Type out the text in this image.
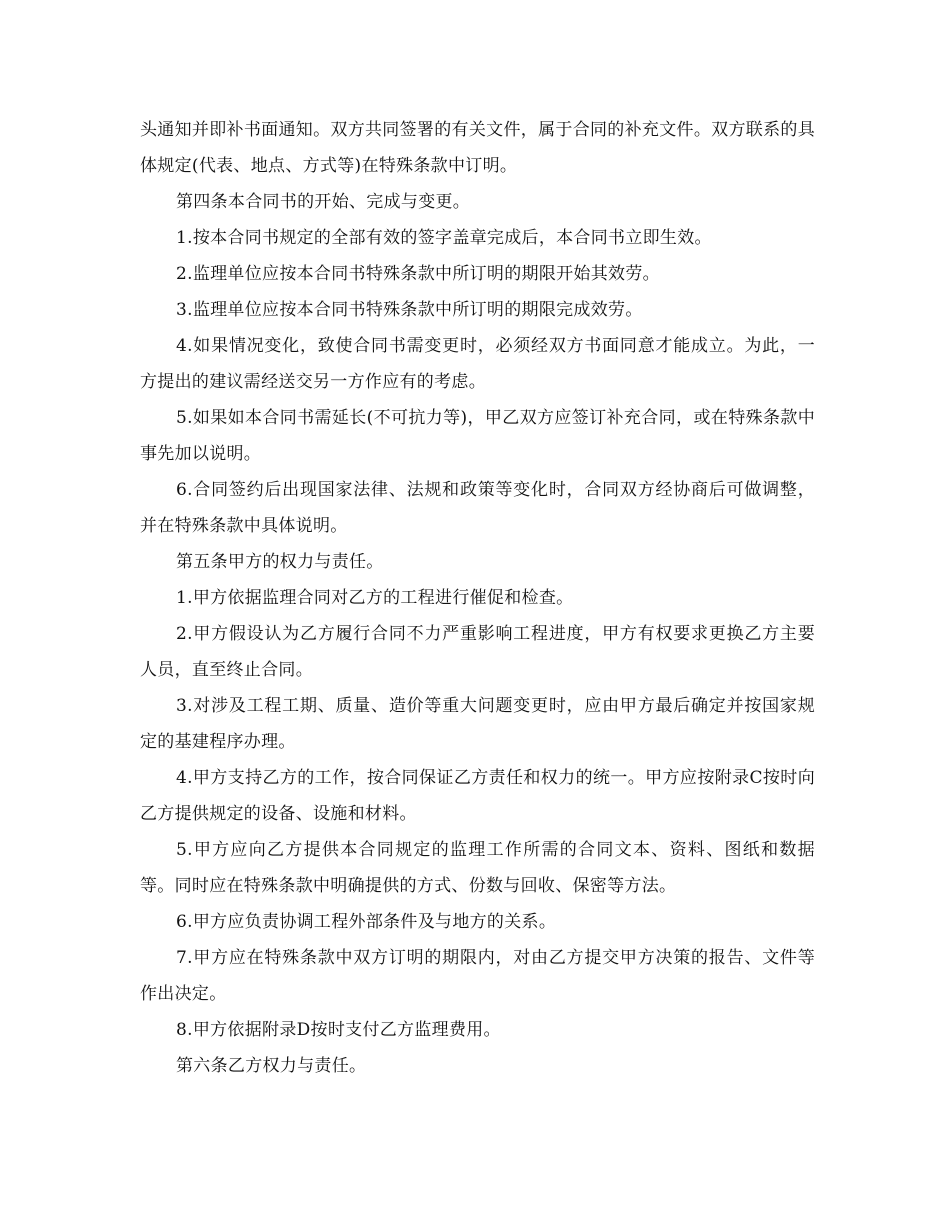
头通知并即补书面通知。双方共同签署的有关文件，属于合同的补充文件。双方联系的具体规定(代表、地点、方式等)在特殊条款中订明。

第四条本合同书的开始、完成与变更。

1.按本合同书规定的全部有效的签字盖章完成后，本合同书立即生效。

2.监理单位应按本合同书特殊条款中所订明的期限开始其效劳。

3.监理单位应按本合同书特殊条款中所订明的期限完成效劳。

4.如果情况变化，致使合同书需变更时，必须经双方书面同意才能成立。为此，一方提出的建议需经送交另一方作应有的考虑。

5.如果如本合同书需延长(不可抗力等)，甲乙双方应签订补充合同，或在特殊条款中事先加以说明。

6.合同签约后出现国家法律、法规和政策等变化时，合同双方经协商后可做调整，并在特殊条款中具体说明。

第五条甲方的权力与责任。

1.甲方依据监理合同对乙方的工程进行催促和检查。

2.甲方假设认为乙方履行合同不力严重影响工程进度，甲方有权要求更换乙方主要人员，直至终止合同。

3.对涉及工程工期、质量、造价等重大问题变更时，应由甲方最后确定并按国家规定的基建程序办理。

4.甲方支持乙方的工作，按合同保证乙方责任和权力的统一。甲方应按附录C按时向乙方提供规定的设备、设施和材料。

5.甲方应向乙方提供本合同规定的监理工作所需的合同文本、资料、图纸和数据等。同时应在特殊条款中明确提供的方式、份数与回收、保密等方法。

6.甲方应负责协调工程外部条件及与地方的关系。

7.甲方应在特殊条款中双方订明的期限内，对由乙方提交甲方决策的报告、文件等作出决定。

8.甲方依据附录D按时支付乙方监理费用。

第六条乙方权力与责任。
